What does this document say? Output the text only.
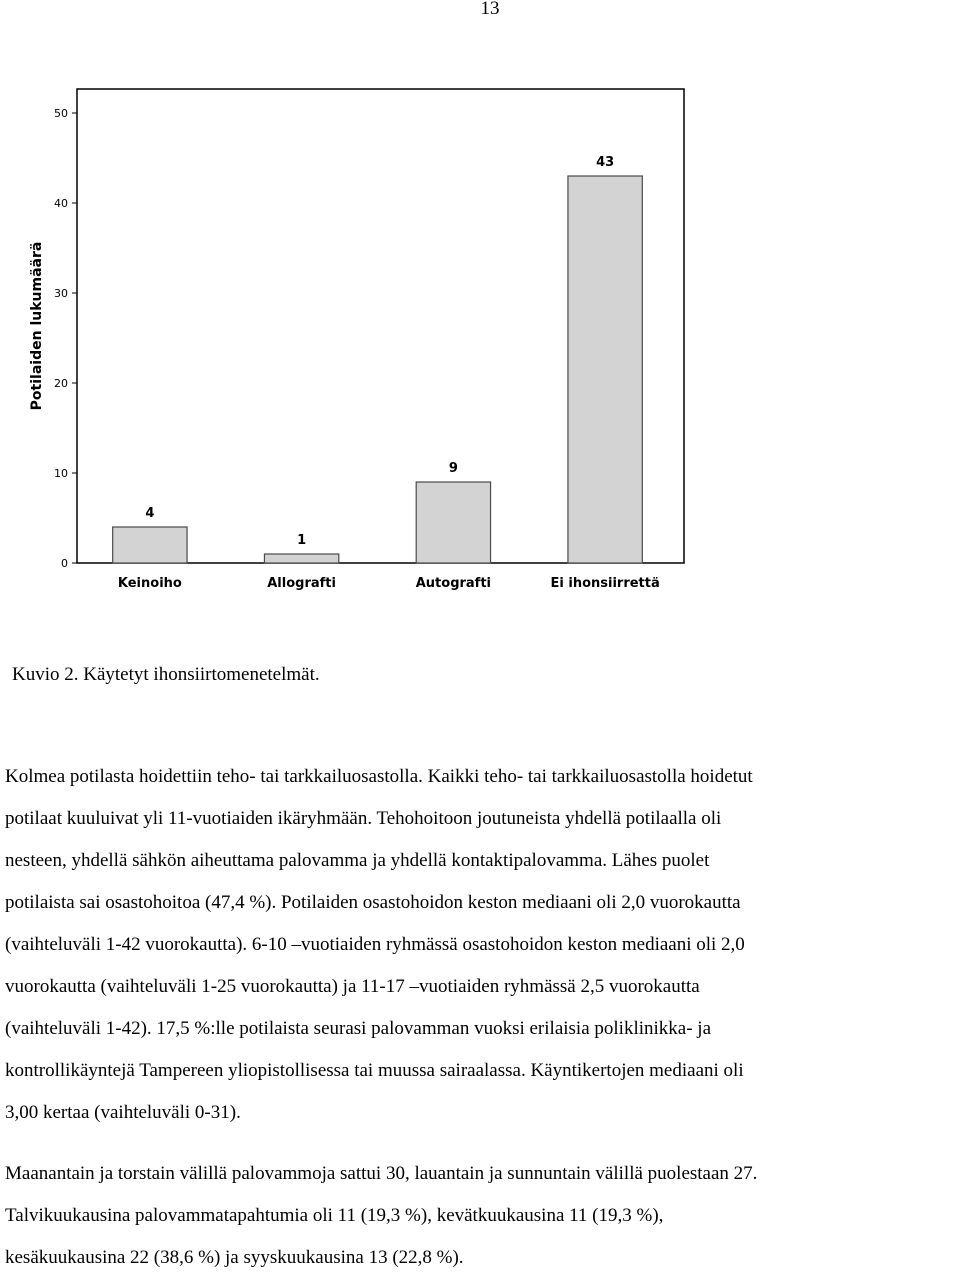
13
Potilaiden lukumäärä
0
10
20
30
40
50
4
1
9
43
Keinoiho	Allografti	Autografti	Ei ihonsiirrettä
Kuvio 2. Käytetyt ihonsiirtomenetelmät.
Kolmea potilasta hoidettiin teho- tai tarkkailuosastolla. Kaikki teho- tai tarkkailuosastolla hoidetut
potilaat kuuluivat yli 11-vuotiaiden ikäryhmään. Tehohoitoon joutuneista yhdellä potilaalla oli
nesteen, yhdellä sähkön aiheuttama palovamma ja yhdellä kontaktipalovamma. Lähes puolet
potilaista sai osastohoitoa (47,4 %). Potilaiden osastohoidon keston mediaani oli 2,0 vuorokautta
(vaihteluväli 1-42 vuorokautta). 6-10 –vuotiaiden ryhmässä osastohoidon keston mediaani oli 2,0
vuorokautta (vaihteluväli 1-25 vuorokautta) ja 11-17 –vuotiaiden ryhmässä 2,5 vuorokautta
(vaihteluväli 1-42). 17,5 %:lle potilaista seurasi palovamman vuoksi erilaisia poliklinikka- ja
kontrollikäyntejä Tampereen yliopistollisessa tai muussa sairaalassa. Käyntikertojen mediaani oli
3,00 kertaa (vaihteluväli 0-31).
Maanantain ja torstain välillä palovammoja sattui 30, lauantain ja sunnuntain välillä puolestaan 27.
Talvikuukausina palovammatapahtumia oli 11 (19,3 %), kevätkuukausina 11 (19,3 %),
kesäkuukausina 22 (38,6 %) ja syyskuukausina 13 (22,8 %).
